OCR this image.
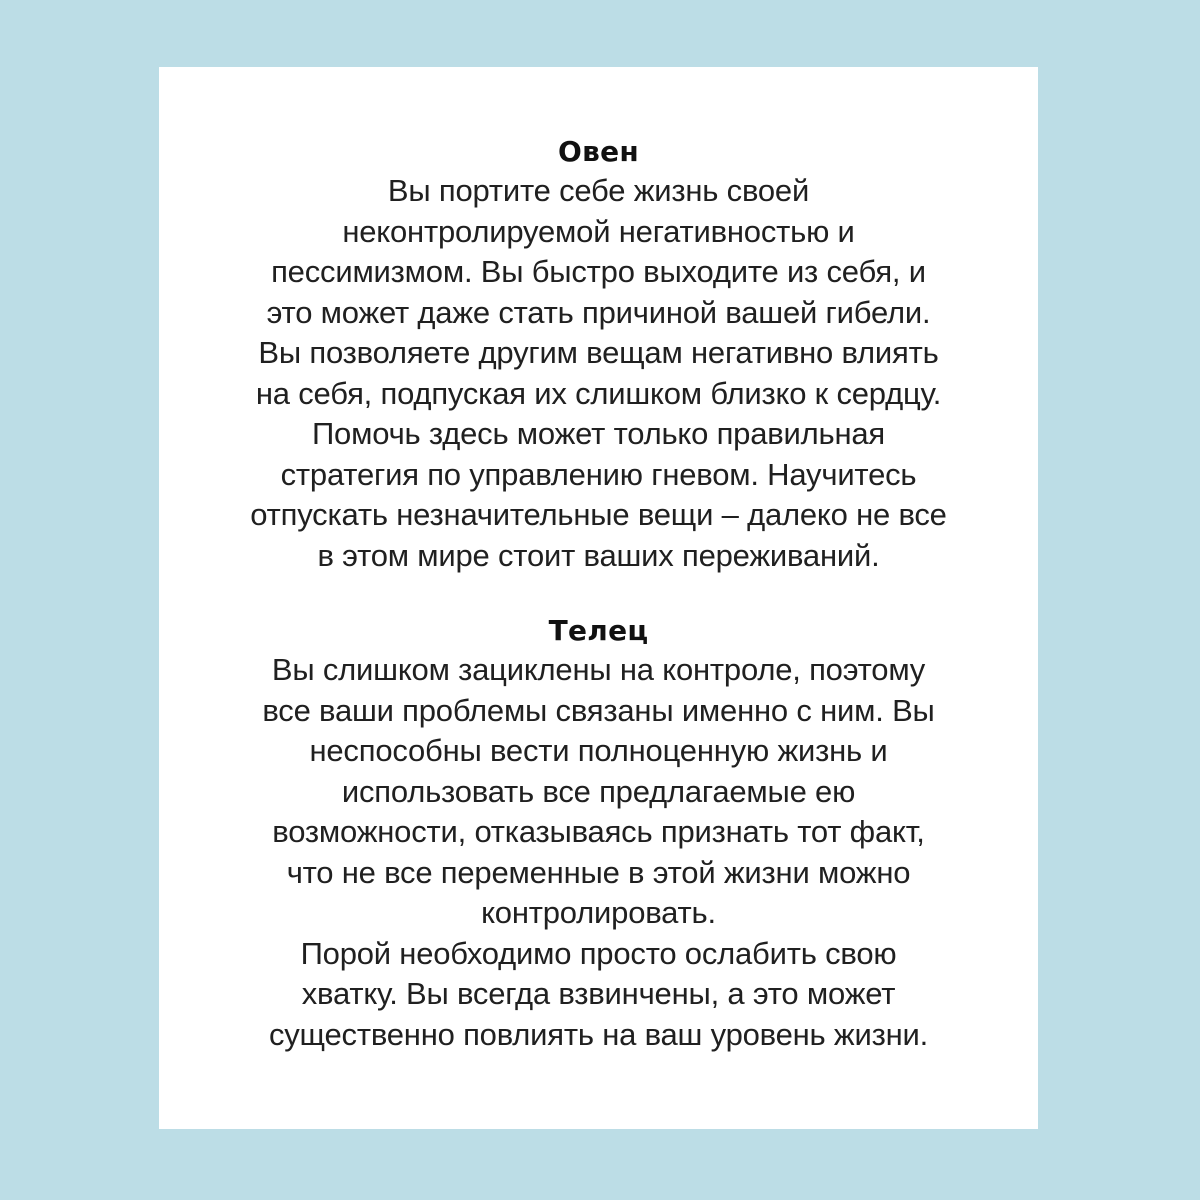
Овен
Вы портите себе жизнь своей
неконтролируемой негативностью и
пессимизмом. Вы быстро выходите из себя, и
это может даже стать причиной вашей гибели.
Вы позволяете другим вещам негативно влиять
на себя, подпуская их слишком близко к сердцу.
Помочь здесь может только правильная
стратегия по управлению гневом. Научитесь
отпускать незначительные вещи – далеко не все
в этом мире стоит ваших переживаний.
Телец
Вы слишком зациклены на контроле, поэтому
все ваши проблемы связаны именно с ним. Вы
неспособны вести полноценную жизнь и
использовать все предлагаемые ею
возможности, отказываясь признать тот факт,
что не все переменные в этой жизни можно
контролировать.
Порой необходимо просто ослабить свою
хватку. Вы всегда взвинчены, а это может
существенно повлиять на ваш уровень жизни.
